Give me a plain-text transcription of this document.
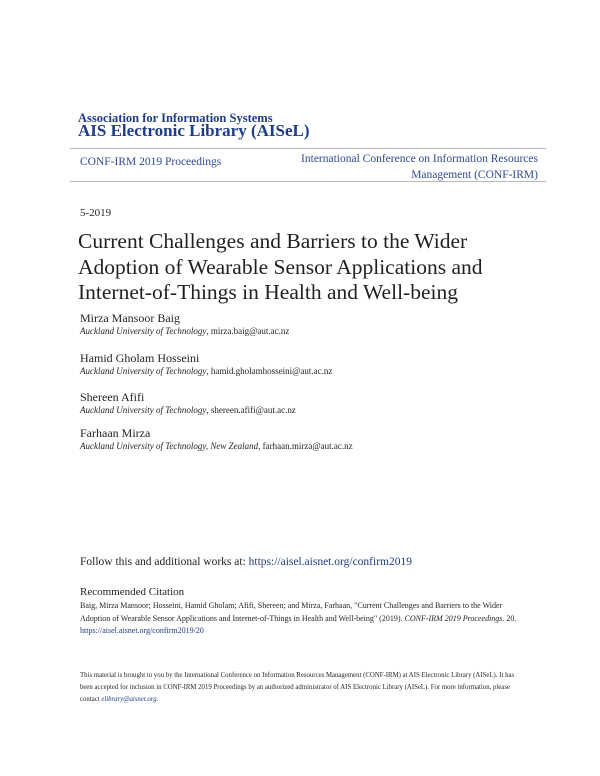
Association for Information Systems
AIS Electronic Library (AISeL)
CONF-IRM 2019 Proceedings	International Conference on Information Resources Management (CONF-IRM)
5-2019
Current Challenges and Barriers to the Wider Adoption of Wearable Sensor Applications and Internet-of-Things in Health and Well-being
Mirza Mansoor Baig
Auckland University of Technology, mirza.baig@aut.ac.nz
Hamid Gholam Hosseini
Auckland University of Technology, hamid.gholamhosseini@aut.ac.nz
Shereen Afifi
Auckland University of Technology, shereen.afifi@aut.ac.nz
Farhaan Mirza
Auckland University of Technology, New Zealand, farhaan.mirza@aut.ac.nz
Follow this and additional works at: https://aisel.aisnet.org/confirm2019
Recommended Citation
Baig, Mirza Mansoor; Hosseini, Hamid Gholam; Afifi, Shereen; and Mirza, Farhaan, "Current Challenges and Barriers to the Wider Adoption of Wearable Sensor Applications and Internet-of-Things in Health and Well-being" (2019). CONF-IRM 2019 Proceedings. 20.
https://aisel.aisnet.org/confirm2019/20
This material is brought to you by the International Conference on Information Resources Management (CONF-IRM) at AIS Electronic Library (AISeL). It has been accepted for inclusion in CONF-IRM 2019 Proceedings by an authorized administrator of AIS Electronic Library (AISeL). For more information, please contact elibrary@aisnet.org.
